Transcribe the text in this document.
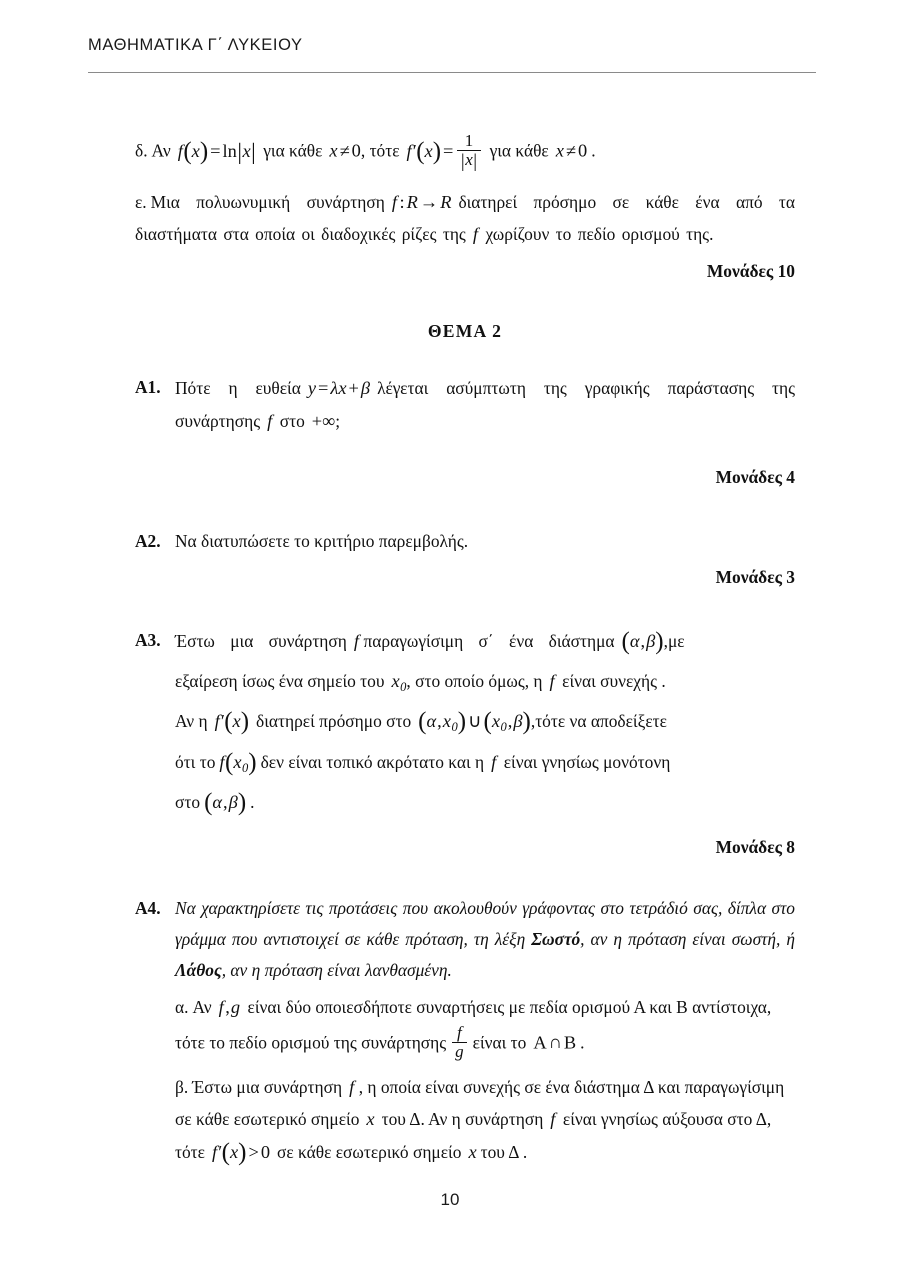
ΜΑΘΗΜΑΤΙΚΑ Γ΄ ΛΥΚΕΙΟΥ
δ. Αν f(x) = ln|x| για κάθε x ≠ 0, τότε $f'(x) = \frac{1}{|x|}$ για κάθε x ≠ 0 .
ε. Μια πολυωνυμική συνάρτηση f : R → R διατηρεί πρόσημο σε κάθε ένα από τα διαστήματα στα οποία οι διαδοχικές ρίζες της f χωρίζουν το πεδίο ορισμού της.
Μονάδες 10
ΘΕΜΑ 2
A1. Πότε η ευθεία y = λx + β λέγεται ασύμπτωτη της γραφικής παράστασης της συνάρτησης f στο +∞;
Μονάδες 4
A2. Να διατυπώσετε το κριτήριο παρεμβολής.
Μονάδες 3
A3. Έστω μια συνάρτηση f παραγωγίσιμη σ΄ ένα διάστημα (α,β),με
εξαίρεση ίσως ένα σημείο του $x_0$, στο οποίο όμως, η f είναι συνεχής .
Αν η f′(x) διατηρεί πρόσημο στο $(\alpha,x_0)$ $\cup(x_0,\beta),\tau ό\tau\varepsilon$ να αποδείξετε
ότι το $f(x_0)$ δεν είναι τοπικό ακρότατο και η f είναι γνησίως μονότονη
στο (α,β) .
Μονάδες 8
A4. Να χαρακτηρίσετε τις προτάσεις που ακολουθούν γράφοντας στο τετράδιό σας, δίπλα στο γράμμα που αντιστοιχεί σε κάθε πρόταση, τη λέξη Σωστό, αν η πρόταση είναι σωστή, ή Λάθος, αν η πρόταση είναι λανθασμένη.
α. Αν f,g είναι δύο οποιεσδήποτε συναρτήσεις με πεδία ορισμού Α και Β αντίστοιχα, τότε το πεδίο ορισμού της συνάρτησης $\frac{f}{g}$ είναι το A ∩ B .
β. Έστω μια συνάρτηση f , η οποία είναι συνεχής σε ένα διάστημα Δ και παραγωγίσιμη σε κάθε εσωτερικό σημείο x του Δ. Αν η συνάρτηση f είναι γνησίως αύξουσα στο Δ, τότε f′(x) > 0 σε κάθε εσωτερικό σημείο x του Δ .
10
